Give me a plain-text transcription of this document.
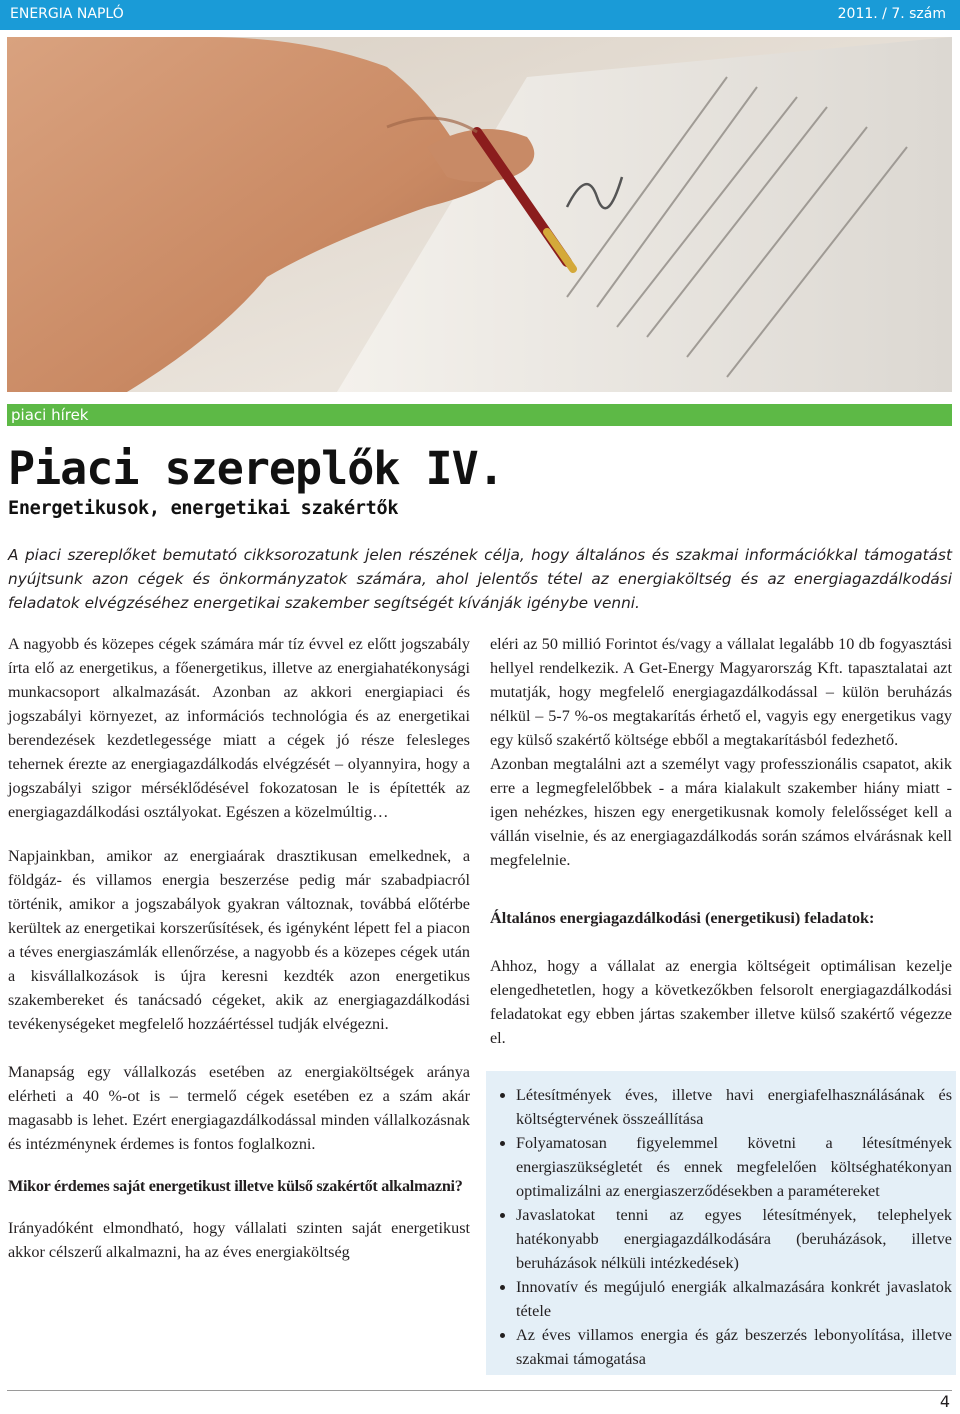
ENERGIA NAPLÓ	2011. / 7. szám
piaci hírek
Piaci szereplők IV.
Energetikusok, energetikai szakértők

A piaci szereplőket bemutató cikksorozatunk jelen részének célja, hogy általános és szakmai információkkal támogatást nyújtsunk azon cégek és önkormányzatok számára, ahol jelentős tétel az energiaköltség és az energiagazdálkodási feladatok elvégzéséhez energetikai szakember segítségét kívánják igénybe venni.

A nagyobb és közepes cégek számára már tíz évvel ez előtt jogszabály írta elő az energetikus, a főenergetikus, illetve az energiahatékonysági munkacsoport alkalmazását. Azonban az akkori energiapiaci és jogszabályi környezet, az információs technológia és az energetikai berendezések kezdetlegessége miatt a cégek jó része felesleges tehernek érezte az energiagazdálkodás elvégzését – olyannyira, hogy a jogszabályi szigor mérséklődésével fokozatosan le is építették az energiagazdálkodási osztályokat. Egészen a közelmúltig…

Napjainkban, amikor az energiaárak drasztikusan emelkednek, a földgáz- és villamos energia beszerzése pedig már szabadpiacról történik, amikor a jogszabályok gyakran változnak, továbbá előtérbe kerültek az energetikai korszerűsítések, és igényként lépett fel a piacon a téves energiaszámlák ellenőrzése, a nagyobb és a közepes cégek után a kisvállalkozások is újra keresni kezdték azon energetikus szakembereket és tanácsadó cégeket, akik az energiagazdálkodási tevékenységeket megfelelő hozzáértéssel tudják elvégezni.

Manapság egy vállalkozás esetében az energiaköltségek aránya elérheti a 40 %-ot is – termelő cégek esetében ez a szám akár magasabb is lehet. Ezért energiagazdálkodással minden vállalkozásnak és intézménynek érdemes is fontos foglalkozni.

Mikor érdemes saját energetikust illetve külső szakértőt alkalmazni?

Irányadóként elmondható, hogy vállalati szinten saját energetikust akkor célszerű alkalmazni, ha az éves energiaköltség

eléri az 50 millió Forintot és/vagy a vállalat legalább 10 db fogyasztási hellyel rendelkezik. A Get-Energy Magyarország Kft. tapasztalatai azt mutatják, hogy megfelelő energiagazdálkodással – külön beruházás nélkül – 5-7 %-os megtakarítás érhető el, vagyis egy energetikus vagy egy külső szakértő költsége ebből a megtakarításból fedezhető.

Azonban megtalálni azt a személyt vagy professzionális csapatot, akik erre a legmegfelelőbbek - a mára kialakult szakember hiány miatt - igen nehézkes, hiszen egy energetikusnak komoly felelősséget kell a vállán viselnie, és az energiagazdálkodás során számos elvárásnak kell megfelelnie.

Általános energiagazdálkodási (energetikusi) feladatok:

Ahhoz, hogy a vállalat az energia költségeit optimálisan kezelje elengedhetetlen, hogy a következőkben felsorolt energiagazdálkodási feladatokat egy ebben jártas szakember illetve külső szakértő végezze el.

• Létesítmények éves, illetve havi energiafelhasználásának és költségtervének összeállítása
• Folyamatosan figyelemmel követni a létesítmények energiaszükségletét és ennek megfelelően költséghatékonyan optimalizálni az energiaszerződésekben a paramétereket
• Javaslatokat tenni az egyes létesítmények, telephelyek hatékonyabb energiagazdálkodására (beruházások, illetve beruházások nélküli intézkedések)
• Innovatív és megújuló energiák alkalmazására konkrét javaslatok tétele
• Az éves villamos energia és gáz beszerzés lebonyolítása, illetve szakmai támogatása
4
